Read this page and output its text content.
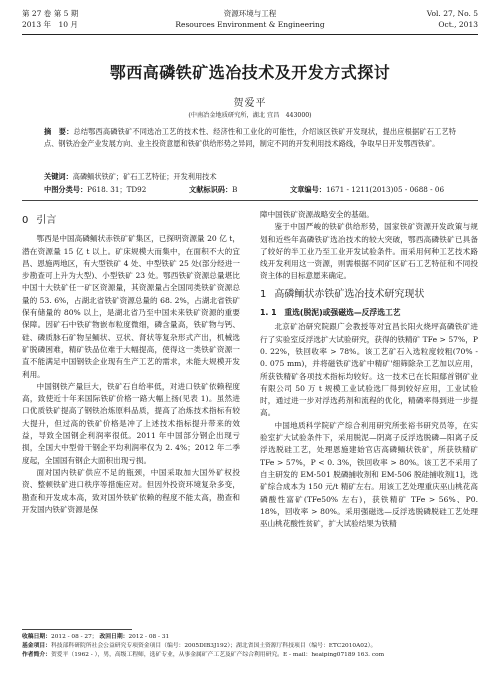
第 27 卷 第 5 期
2013 年　10 月
资源环境与工程
Resources Environment & Engineering
Vol. 27, No. 5
Oct., 2013
鄂西高磷铁矿选冶技术及开发方式探讨
贺爱平
(中南冶金地质研究所，湖北 宜昌　443000)
摘　要：总结鄂西高磷铁矿不同选冶工艺的技术性、经济性和工业化的可能性，介绍该区铁矿开发现状，提出应根据矿石工艺特点、钢铁冶金产业发展方向、业主投资意愿和铁矿供给形势之异同，制定不同的开发利用技术路线，争取早日开发鄂西铁矿。
关键词：高磷鲕状铁矿；矿石工艺特征；开发利用技术
中图分类号：P618. 31；TD92	文献标识码：B	文章编号：1671 - 1211(2013)05 - 0688 - 06
0 引言

鄂西是中国高磷鲕状赤铁矿矿集区，已探明资源量 20 亿 t，潜在资源量 15 亿 t 以上。矿床规模大而集中，在面积不大的宜昌、恩施两地区，有大型铁矿 4 处、中型铁矿 25 处(部分经进一步勘查可上升为大型)、小型铁矿 23 处。鄂西铁矿资源总量堪比中国十大铁矿任一矿区资源量，其资源量占全国同类铁矿资源总量的 53. 6%，占湖北省铁矿资源总量的 68. 2%，占湖北省铁矿保有储量的 80% 以上，是湖北省乃至中国未来铁矿资源的重要保障。因矿石中铁矿物嵌布粒度微细，磷含量高，铁矿物与钙、硅、磷质脉石矿物呈鲕状、豆状、肾状等复杂形式产出，机械选矿脱磷困难，精矿铁品位难于大幅提高，使得这一类铁矿资源一直不能满足中国钢铁企业现有生产工艺的需求，未能大规模开发利用。

中国钢铁产量巨大，铁矿石自给率低，对进口铁矿依赖程度高，致使近十年来国际铁矿价格一路大幅上扬(见表 1)。虽然进口优质铁矿提高了钢铁冶炼原料品质，提高了冶炼技术指标有较大提升，但过高的铁矿价格是冲了上述技术指标提升带来的效益，导致全国钢企利润率很低。2011 年中国部分钢企出现亏损，全国大中型骨干钢企平均利润率仅为 2. 4%；2012 年二季度起，全国国有钢企大面积出现亏损。

面对国内铁矿供应不足的瓶颈，中国采取加大国外矿权投资、整顿铁矿进口秩序等措施应对。但因外投资环境复杂多变，勘查和开发成本高，致对国外铁矿依赖的程度不能太高，勘查和开发国内铁矿资源是保

障中国铁矿资源战略安全的基础。

鉴于中国严峻的铁矿供给形势，国家铁矿资源开发政策与规划和近些年高磷铁矿选冶技术的较大突破，鄂西高磷铁矿已具备了较好的半工业乃至工业开发试验条件。而采用何种工艺技术路线开发利用这一资源，则需根据不同矿区矿石工艺特征和不同投资主体的目标意愿来确定。

1 高磷鲕状赤铁矿选冶技术研究现状
1. 1　重选(脱泥)或强磁选—反浮选工艺

北京矿冶研究院跟广会教授等对宜昌长阳火烧坪高磷铁矿进行了实验室反浮选扩大试验研究，获得的铁精矿 TFe > 57%，P 0. 22%，铁回收率 > 78%。该工艺矿石入选粒度较粗(70% - 0. 075 mm)，并将磁铁矿选矿中精矿'细筛除杂工艺加以应用，所获铁精矿各项技术指标均较好。这一技术已在长阳鄢首钢矿业有限公司 50 万 t 规模工业试验选厂得到较好应用，工业试验时，通过进一步对浮选药剂和流程的优化，精磷率得到进一步提高。

中国地质科学院矿产综合利用研究所张裕书研究员等，在实验室扩大试验条件下，采用脱泥—阴离子反浮选脱磷—阳离子反浮选脱硅工艺，处理恩施建始官店高磷鲕状铁矿，所获铁精矿 TFe > 57%，P < 0. 3%，铁回收率 > 80%。该工艺不采用了自主研发的 EM-501 脱磷捕收剂和 EM-506 脱硅捕收剂[1]，选矿综合成本为 150 元/t 精矿左右。用该工艺处理重庆巫山桃花高磷酸性富矿(TFe50% 左右)，获铁精矿 TFe > 56%、P0. 18%，回收率 > 80%。采用强磁选—反浮选脱磷脱硅工艺处理巫山桃花酸性贫矿，扩大试验结果为铁精

收稿日期：2012 - 08 - 27； 改回日期：2012 - 08 - 31
基金项目：科技部科研院所社会公益研究专项资金项目（编号：2005DIB3J192）；湖北省国土资源厅科技项目（编号：ETC2010A02）。
作者简介：贺爱平（1962 - ），男，高级工程师，选矿专业，从事金属矿产工艺及矿产综合利用研究。E - mail：heaiping07189 163. com
